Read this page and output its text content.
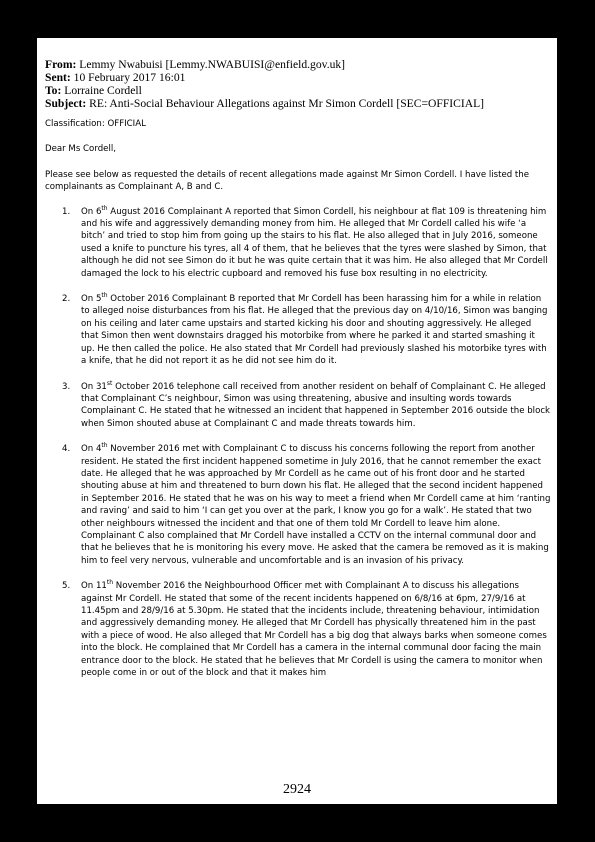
From: Lemmy Nwabuisi [Lemmy.NWABUISI@enfield.gov.uk]
Sent: 10 February 2017 16:01
To: Lorraine Cordell
Subject: RE: Anti-Social Behaviour Allegations against Mr Simon Cordell [SEC=OFFICIAL]
Classification: OFFICIAL
Dear Ms Cordell,
Please see below as requested the details of recent allegations made against Mr Simon Cordell. I have listed the complainants as Complainant A, B and C.
1. On 6th August 2016 Complainant A reported that Simon Cordell, his neighbour at flat 109 is threatening him and his wife and aggressively demanding money from him. He alleged that Mr Cordell called his wife ‘a bitch’ and tried to stop him from going up the stairs to his flat. He also alleged that in July 2016, someone used a knife to puncture his tyres, all 4 of them, that he believes that the tyres were slashed by Simon, that although he did not see Simon do it but he was quite certain that it was him. He also alleged that Mr Cordell damaged the lock to his electric cupboard and removed his fuse box resulting in no electricity.
2. On 5th October 2016 Complainant B reported that Mr Cordell has been harassing him for a while in relation to alleged noise disturbances from his flat. He alleged that the previous day on 4/10/16, Simon was banging on his ceiling and later came upstairs and started kicking his door and shouting aggressively. He alleged that Simon then went downstairs dragged his motorbike from where he parked it and started smashing it up. He then called the police. He also stated that Mr Cordell had previously slashed his motorbike tyres with a knife, that he did not report it as he did not see him do it.
3. On 31st October 2016 telephone call received from another resident on behalf of Complainant C. He alleged that Complainant C’s neighbour, Simon was using threatening, abusive and insulting words towards Complainant C. He stated that he witnessed an incident that happened in September 2016 outside the block when Simon shouted abuse at Complainant C and made threats towards him.
4. On 4th November 2016 met with Complainant C to discuss his concerns following the report from another resident. He stated the first incident happened sometime in July 2016, that he cannot remember the exact date. He alleged that he was approached by Mr Cordell as he came out of his front door and he started shouting abuse at him and threatened to burn down his flat. He alleged that the second incident happened in September 2016. He stated that he was on his way to meet a friend when Mr Cordell came at him ‘ranting and raving’ and said to him ‘I can get you over at the park, I know you go for a walk’. He stated that two other neighbours witnessed the incident and that one of them told Mr Cordell to leave him alone. Complainant C also complained that Mr Cordell have installed a CCTV on the internal communal door and that he believes that he is monitoring his every move. He asked that the camera be removed as it is making him to feel very nervous, vulnerable and uncomfortable and is an invasion of his privacy.
5. On 11th November 2016 the Neighbourhood Officer met with Complainant A to discuss his allegations against Mr Cordell. He stated that some of the recent incidents happened on 6/8/16 at 6pm, 27/9/16 at 11.45pm and 28/9/16 at 5.30pm. He stated that the incidents include, threatening behaviour, intimidation and aggressively demanding money. He alleged that Mr Cordell has physically threatened him in the past with a piece of wood. He also alleged that Mr Cordell has a big dog that always barks when someone comes into the block. He complained that Mr Cordell has a camera in the internal communal door facing the main entrance door to the block. He stated that he believes that Mr Cordell is using the camera to monitor when people come in or out of the block and that it makes him
2924
